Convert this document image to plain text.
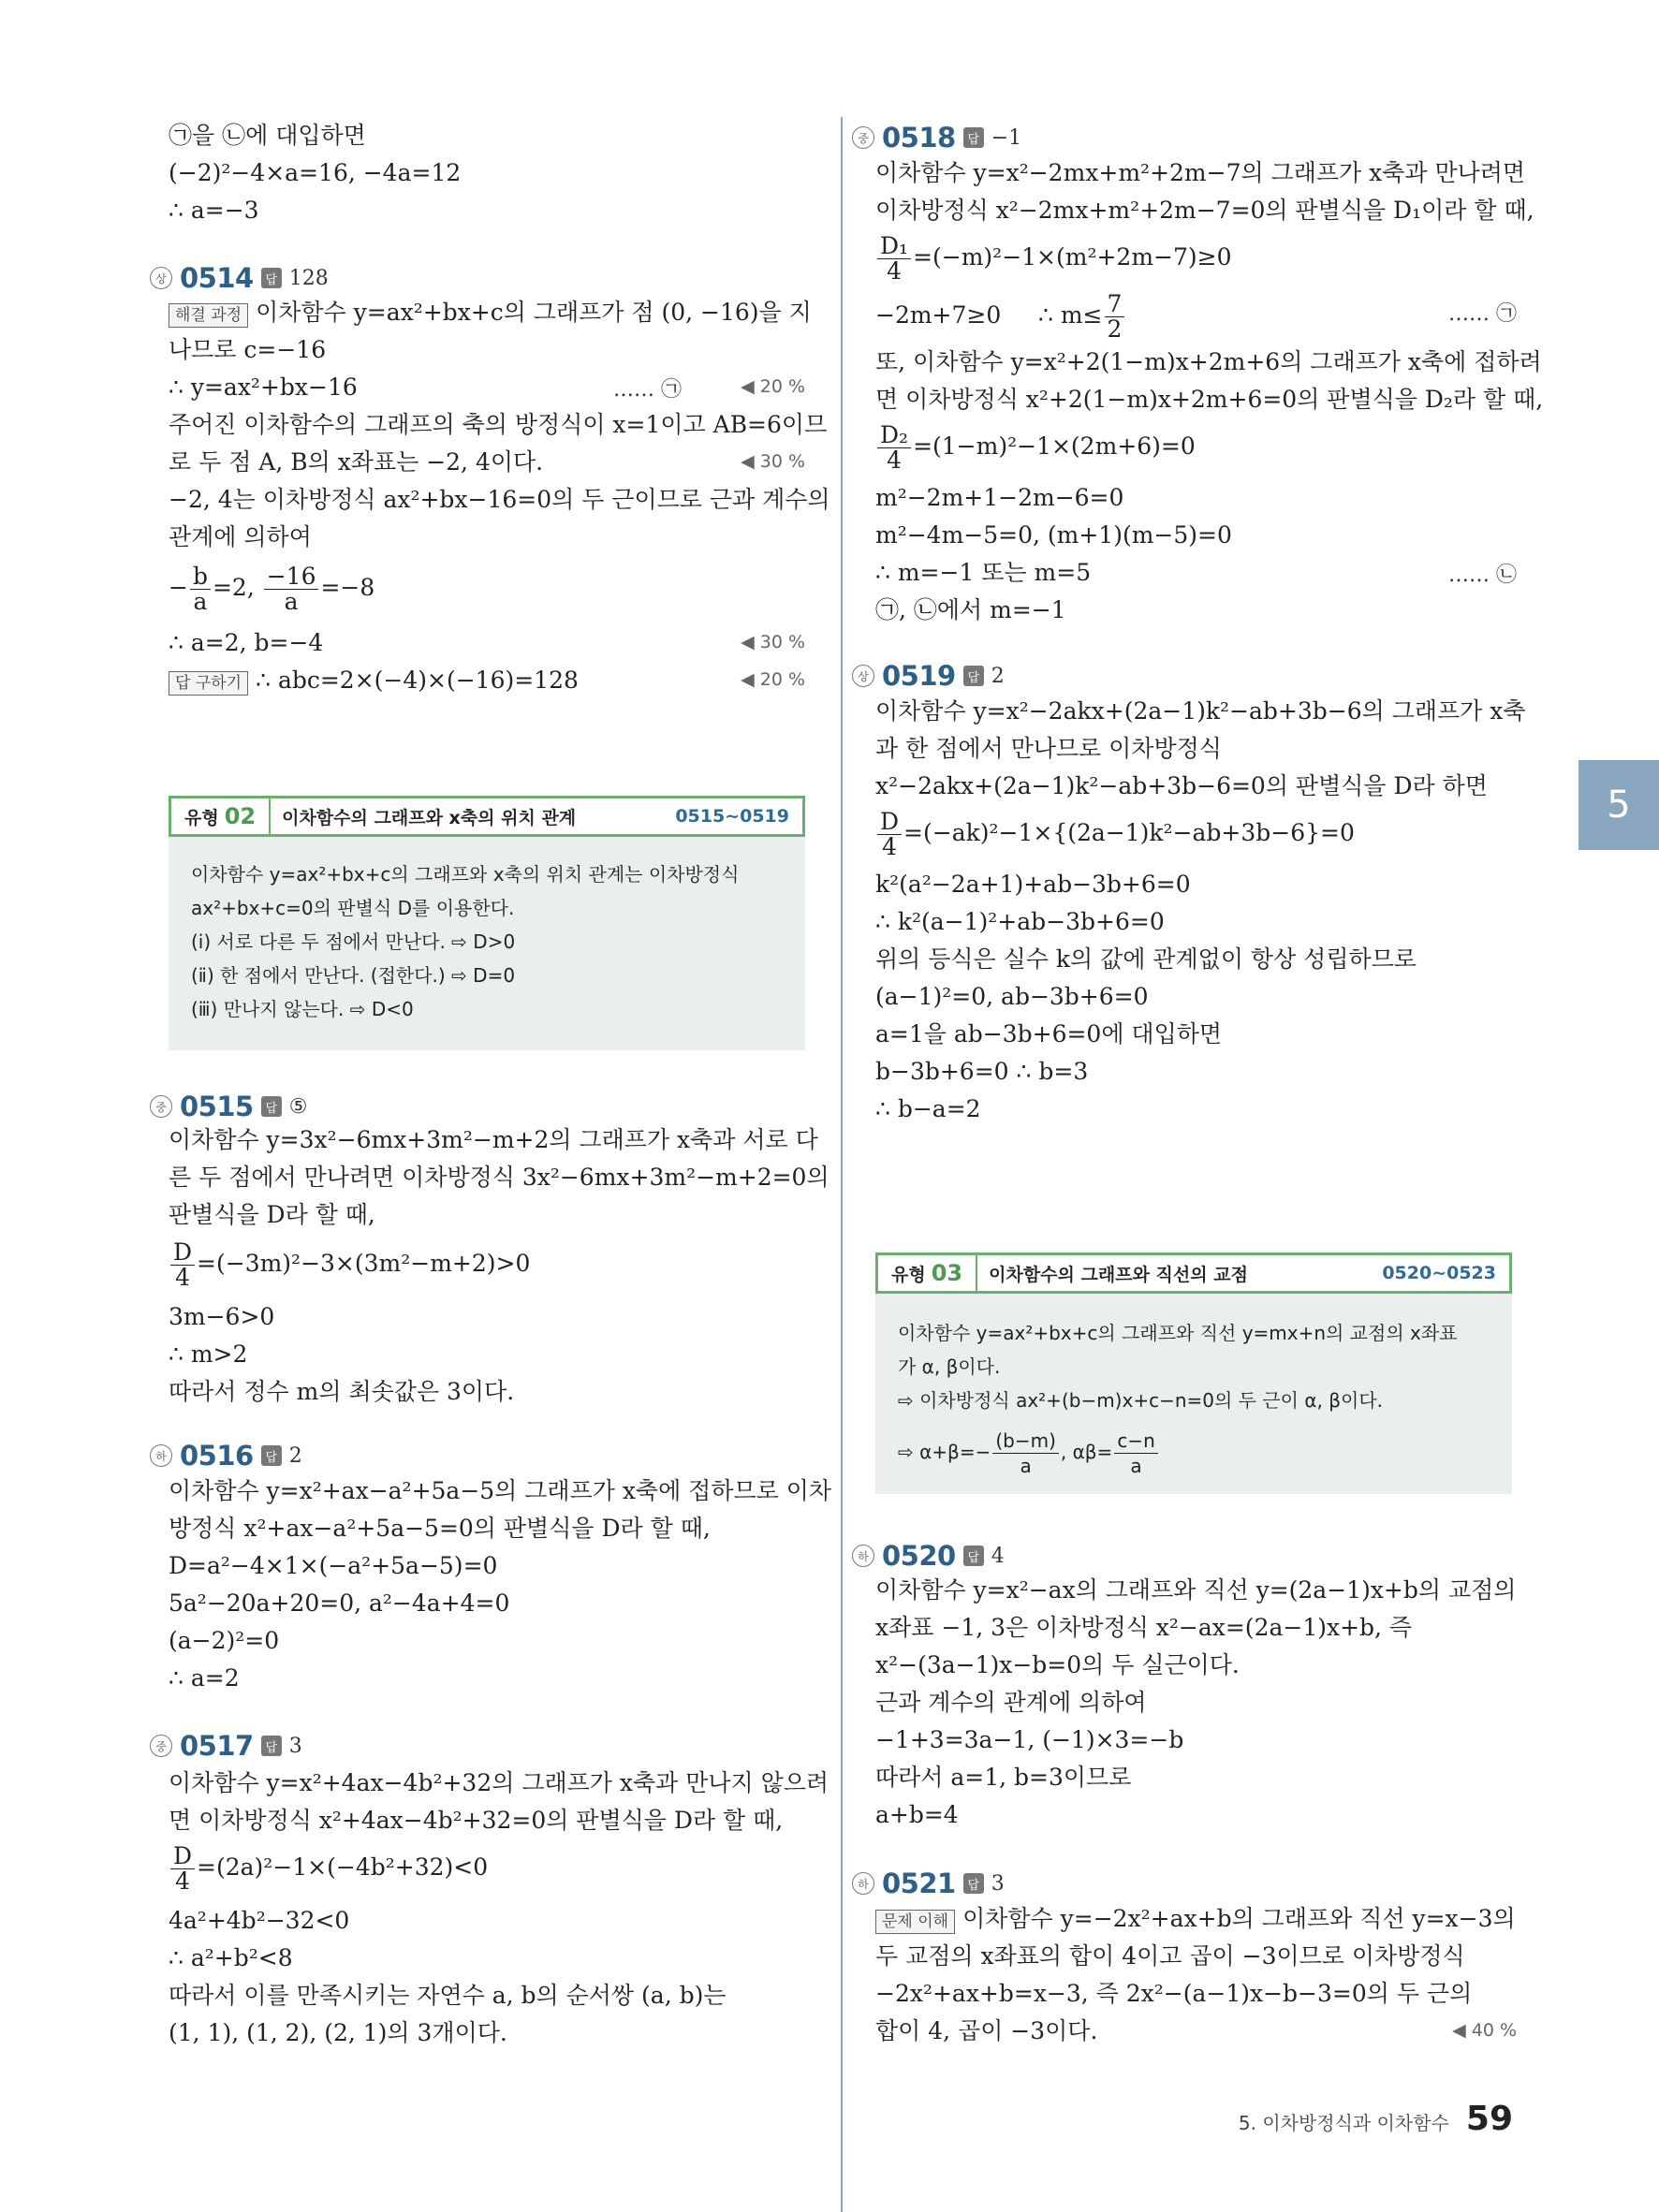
㉠을 ㉡에 대입하면
(−2)²−4×a=16, −4a=12
∴ a=−3
상 0514 답 128
해결 과정 이차함수 y=ax²+bx+c의 그래프가 점 (0, −16)을 지
나므로 c=−16
∴ y=ax²+bx−16	…… ㉠	◀ 20 %
주어진 이차함수의 그래프의 축의 방정식이 x=1이고 AB=6이므
로 두 점 A, B의 x좌표는 −2, 4이다.	◀ 30 %
−2, 4는 이차방정식 ax²+bx−16=0의 두 근이므로 근과 계수의
관계에 의하여
− $\frac{b}{a} =2$, $\frac{-16}{a} =-8$
∴ a=2, b=−4	◀ 30 %
답 구하기 ∴ abc=2×(−4)×(−16)=128	◀ 20 %
유형 02	이차함수의 그래프와 x축의 위치 관계	0515~0519
이차함수 y=ax²+bx+c의 그래프와 x축의 위치 관계는 이차방정식
ax²+bx+c=0의 판별식 D를 이용한다.
(ⅰ) 서로 다른 두 점에서 만난다. ⇨ D>0
(ⅱ) 한 점에서 만난다. (접한다.) ⇨ D=0
(ⅲ) 만나지 않는다. ⇨ D<0
중 0515 답 ⑤
이차함수 y=3x²−6mx+3m²−m+2의 그래프가 x축과 서로 다
른 두 점에서 만나려면 이차방정식 3x²−6mx+3m²−m+2=0의
판별식을 D라 할 때,
$\frac{D}{4} =(-3m)^2-3\times(3m^2-m+2)>0$
3m−6>0
∴ m>2
따라서 정수 m의 최솟값은 3이다.
하 0516 답 2
이차함수 y=x²+ax−a²+5a−5의 그래프가 x축에 접하므로 이차
방정식 x²+ax−a²+5a−5=0의 판별식을 D라 할 때,
D=a²−4×1×(−a²+5a−5)=0
5a²−20a+20=0, a²−4a+4=0
(a−2)²=0
∴ a=2
중 0517 답 3
이차함수 y=x²+4ax−4b²+32의 그래프가 x축과 만나지 않으려
면 이차방정식 x²+4ax−4b²+32=0의 판별식을 D라 할 때,
$\frac{D}{4} =(2a)^2-1\times(-4b^2+32)<0$
4a²+4b²−32<0
∴ a²+b²<8
따라서 이를 만족시키는 자연수 a, b의 순서쌍 (a, b)는
(1, 1), (1, 2), (2, 1)의 3개이다.
중 0518 답 −1
이차함수 y=x²−2mx+m²+2m−7의 그래프가 x축과 만나려면
이차방정식 x²−2mx+m²+2m−7=0의 판별식을 D₁이라 할 때,
$\frac{\text{D₁}}{4} =(-m)^2-1\times(m^2+2m-7)\ge 0$
−2m+7≥0     ∴ $m\le \frac{7}{2}$	…… ㉠
또, 이차함수 y=x²+2(1−m)x+2m+6의 그래프가 x축에 접하려
면 이차방정식 x²+2(1−m)x+2m+6=0의 판별식을 D₂라 할 때,
$\frac{\text{D₂}}{4} =(1-m)^2-1\times(2m+6)=0$
m²−2m+1−2m−6=0
m²−4m−5=0, (m+1)(m−5)=0
∴ m=−1 또는 m=5	…… ㉡
㉠, ㉡에서 m=−1
상 0519 답 2
이차함수 y=x²−2akx+(2a−1)k²−ab+3b−6의 그래프가 x축
과 한 점에서 만나므로 이차방정식
x²−2akx+(2a−1)k²−ab+3b−6=0의 판별식을 D라 하면
$\frac{D}{4} =(-ak)^2-1\times\{(2a-1)k^2-ab+3b-6\}=0$
k²(a²−2a+1)+ab−3b+6=0
∴ k²(a−1)²+ab−3b+6=0
위의 등식은 실수 k의 값에 관계없이 항상 성립하므로
(a−1)²=0, ab−3b+6=0
a=1을 ab−3b+6=0에 대입하면
b−3b+6=0 ∴ b=3
∴ b−a=2
유형 03	이차함수의 그래프와 직선의 교점	0520~0523
이차함수 y=ax²+bx+c의 그래프와 직선 y=mx+n의 교점의 x좌표
가 α, β이다.
⇨ 이차방정식 ax²+(b−m)x+c−n=0의 두 근이 α, β이다.
⇨ $\alpha+\beta=- \frac{(b-m)}{a}$ , $\alpha\beta= \frac{c-n}{a}$
하 0520 답 4
이차함수 y=x²−ax의 그래프와 직선 y=(2a−1)x+b의 교점의
x좌표 −1, 3은 이차방정식 x²−ax=(2a−1)x+b, 즉
x²−(3a−1)x−b=0의 두 실근이다.
근과 계수의 관계에 의하여
−1+3=3a−1, (−1)×3=−b
따라서 a=1, b=3이므로
a+b=4
하 0521 답 3
문제 이해 이차함수 y=−2x²+ax+b의 그래프와 직선 y=x−3의
두 교점의 x좌표의 합이 4이고 곱이 −3이므로 이차방정식
−2x²+ax+b=x−3, 즉 2x²−(a−1)x−b−3=0의 두 근의
합이 4, 곱이 −3이다.	◀ 40 %
5
5. 이차방정식과 이차함수 59
